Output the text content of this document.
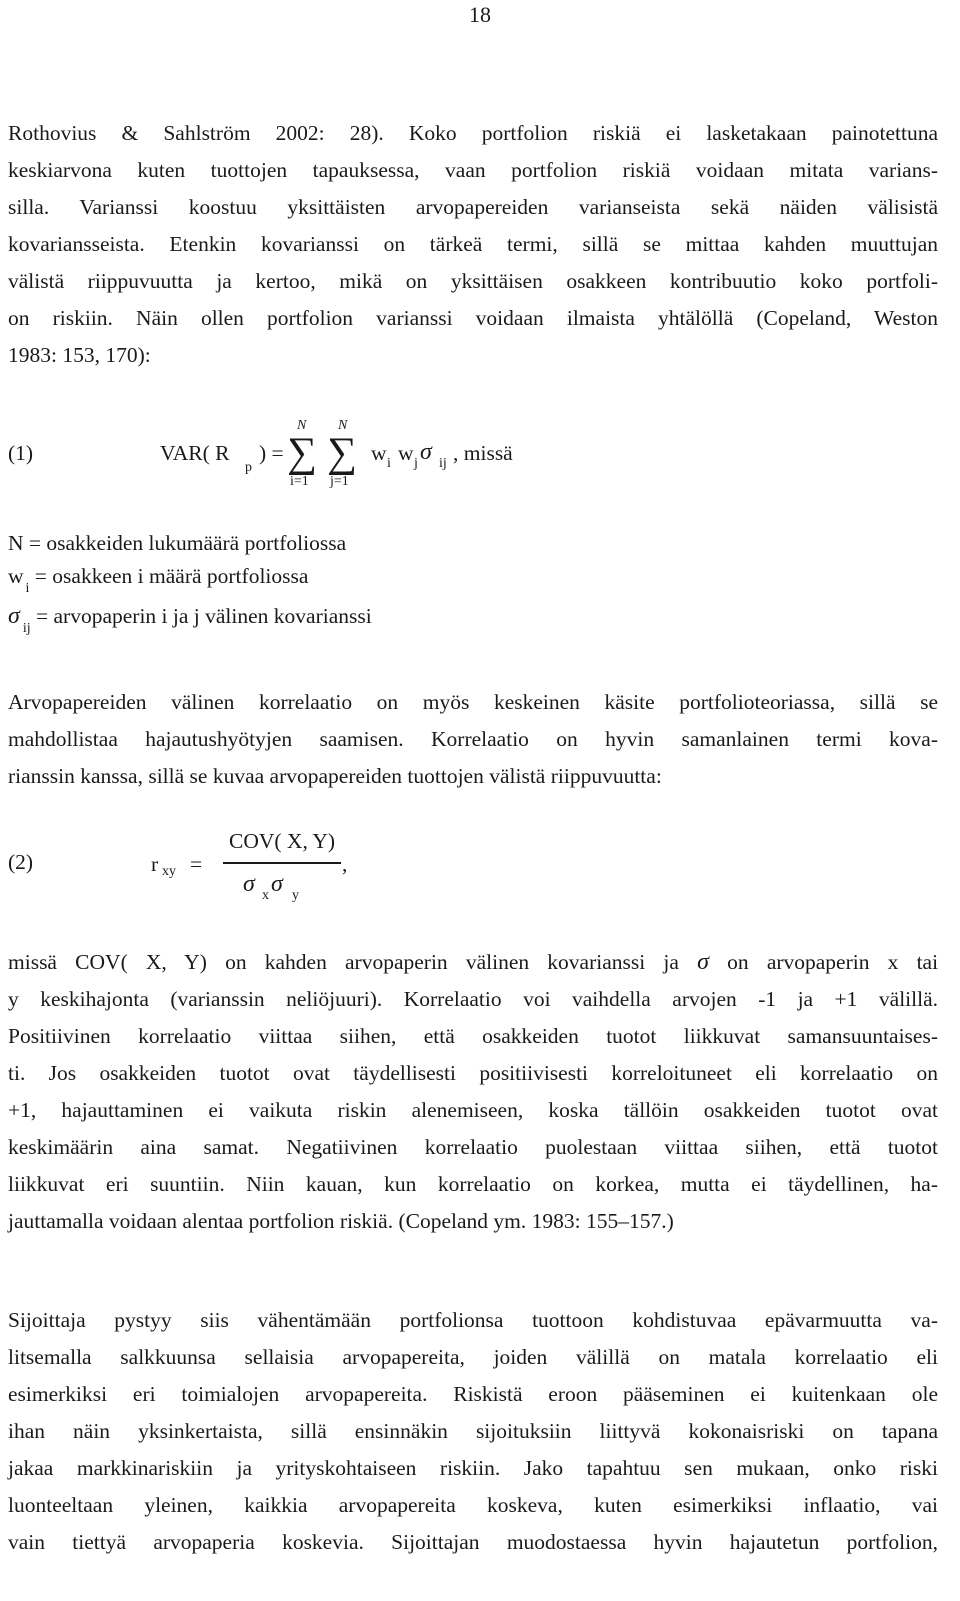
18
Rothovius & Sahlström 2002: 28). Koko portfolion riskiä ei lasketakaan painotettuna
keskiarvona kuten tuottojen tapauksessa, vaan portfolion riskiä voidaan mitata varians-
silla. Varianssi koostuu yksittäisten arvopapereiden varianseista sekä näiden välisistä
kovariansseista. Etenkin kovarianssi on tärkeä termi, sillä se mittaa kahden muuttujan
välistä riippuvuutta ja kertoo, mikä on yksittäisen osakkeen kontribuutio koko portfoli-
on riskiin. Näin ollen portfolion varianssi voidaan ilmaista yhtälöllä (Copeland, Weston
1983: 153, 170):
(1)	VAR( R
p
) =
N
∑
i=1
N
∑
j=1
w i w j σ ij , missä
N = osakkeiden lukumäärä portfoliossa
$w_i$ = osakkeen i määrä portfoliossa
σ $_{ij}$ = arvopaperin i ja j välinen kovarianssi
Arvopapereiden välinen korrelaatio on myös keskeinen käsite portfolioteoriassa, sillä se
mahdollistaa hajautushyötyjen saamisen. Korrelaatio on hyvin samanlainen termi kova-
rianssin kanssa, sillä se kuvaa arvopapereiden tuottojen välistä riippuvuutta:
(2)	r xy =
COV( X, Y)
σ x σ y
,
missä COV( X, Y) on kahden arvopaperin välinen kovarianssi ja σ on arvopaperin x tai
y keskihajonta (varianssin neliöjuuri). Korrelaatio voi vaihdella arvojen -1 ja +1 välillä.
Positiivinen korrelaatio viittaa siihen, että osakkeiden tuotot liikkuvat samansuuntaises-
ti. Jos osakkeiden tuotot ovat täydellisesti positiivisesti korreloituneet eli korrelaatio on
+1, hajauttaminen ei vaikuta riskin alenemiseen, koska tällöin osakkeiden tuotot ovat
keskimäärin aina samat. Negatiivinen korrelaatio puolestaan viittaa siihen, että tuotot
liikkuvat eri suuntiin. Niin kauan, kun korrelaatio on korkea, mutta ei täydellinen, ha-
jauttamalla voidaan alentaa portfolion riskiä. (Copeland ym. 1983: 155–157.)
Sijoittaja pystyy siis vähentämään portfolionsa tuottoon kohdistuvaa epävarmuutta va-
litsemalla salkkuunsa sellaisia arvopapereita, joiden välillä on matala korrelaatio eli
esimerkiksi eri toimialojen arvopapereita. Riskistä eroon pääseminen ei kuitenkaan ole
ihan näin yksinkertaista, sillä ensinnäkin sijoituksiin liittyvä kokonaisriski on tapana
jakaa markkinariskiin ja yrityskohtaiseen riskiin. Jako tapahtuu sen mukaan, onko riski
luonteeltaan yleinen, kaikkia arvopapereita koskeva, kuten esimerkiksi inflaatio, vai
vain tiettyä arvopaperia koskevia. Sijoittajan muodostaessa hyvin hajautetun portfolion,
